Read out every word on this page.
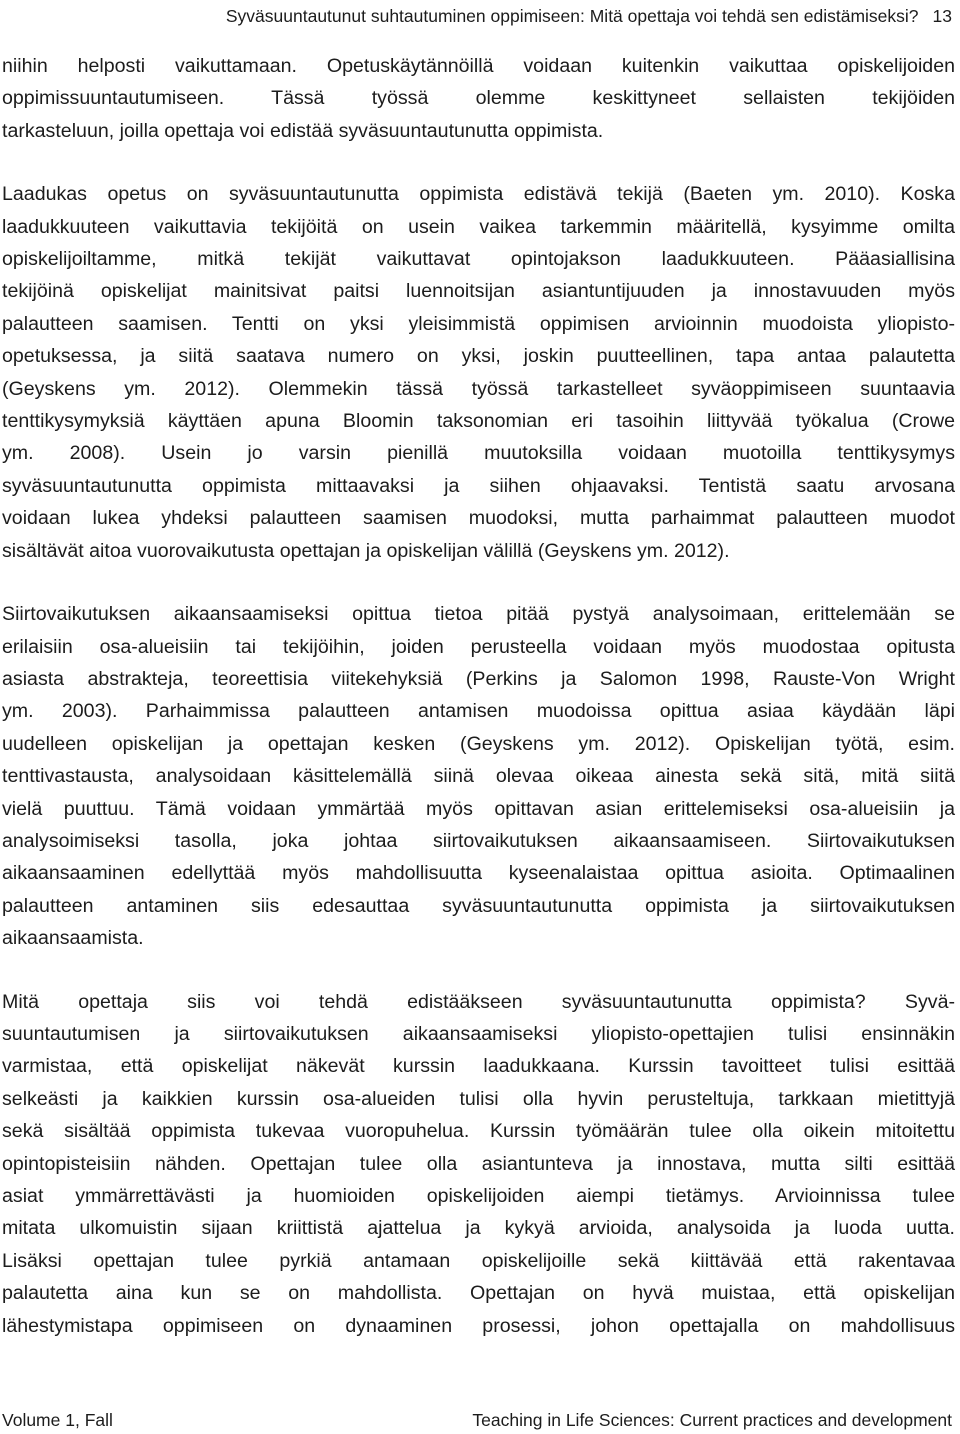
Syväsuuntautunut suhtautuminen oppimiseen: Mitä opettaja voi tehdä sen edistämiseksi? 13

niihin helposti vaikuttamaan. Opetuskäytännöillä voidaan kuitenkin vaikuttaa opiskelijoiden
oppimissuuntautumiseen. Tässä työssä olemme keskittyneet sellaisten tekijöiden
tarkasteluun, joilla opettaja voi edistää syväsuuntautunutta oppimista.

Laadukas opetus on syväsuuntautunutta oppimista edistävä tekijä (Baeten ym. 2010). Koska
laadukkuuteen vaikuttavia tekijöitä on usein vaikea tarkemmin määritellä, kysyimme omilta
opiskelijoiltamme, mitkä tekijät vaikuttavat opintojakson laadukkuuteen. Pääasiallisina
tekijöinä opiskelijat mainitsivat paitsi luennoitsijan asiantuntijuuden ja innostavuuden myös
palautteen saamisen. Tentti on yksi yleisimmistä oppimisen arvioinnin muodoista yliopisto-
opetuksessa, ja siitä saatava numero on yksi, joskin puutteellinen, tapa antaa palautetta
(Geyskens ym. 2012). Olemmekin tässä työssä tarkastelleet syväoppimiseen suuntaavia
tenttikysymyksiä käyttäen apuna Bloomin taksonomian eri tasoihin liittyvää työkalua (Crowe
ym. 2008). Usein jo varsin pienillä muutoksilla voidaan muotoilla tenttikysymys
syväsuuntautunutta oppimista mittaavaksi ja siihen ohjaavaksi. Tentistä saatu arvosana
voidaan lukea yhdeksi palautteen saamisen muodoksi, mutta parhaimmat palautteen muodot
sisältävät aitoa vuorovaikutusta opettajan ja opiskelijan välillä (Geyskens ym. 2012).

Siirtovaikutuksen aikaansaamiseksi opittua tietoa pitää pystyä analysoimaan, erittelemään se
erilaisiin osa-alueisiin tai tekijöihin, joiden perusteella voidaan myös muodostaa opitusta
asiasta abstrakteja, teoreettisia viitekehyksiä (Perkins ja Salomon 1998, Rauste-Von Wright
ym. 2003). Parhaimmissa palautteen antamisen muodoissa opittua asiaa käydään läpi
uudelleen opiskelijan ja opettajan kesken (Geyskens ym. 2012). Opiskelijan työtä, esim.
tenttivastausta, analysoidaan käsittelemällä siinä olevaa oikeaa ainesta sekä sitä, mitä siitä
vielä puuttuu. Tämä voidaan ymmärtää myös opittavan asian erittelemiseksi osa-alueisiin ja
analysoimiseksi tasolla, joka johtaa siirtovaikutuksen aikaansaamiseen. Siirtovaikutuksen
aikaansaaminen edellyttää myös mahdollisuutta kyseenalaistaa opittua asioita. Optimaalinen
palautteen antaminen siis edesauttaa syväsuuntautunutta oppimista ja siirtovaikutuksen
aikaansaamista.

Mitä opettaja siis voi tehdä edistääkseen syväsuuntautunutta oppimista? Syvä-
suuntautumisen ja siirtovaikutuksen aikaansaamiseksi yliopisto-opettajien tulisi ensinnäkin
varmistaa, että opiskelijat näkevät kurssin laadukkaana. Kurssin tavoitteet tulisi esittää
selkeästi ja kaikkien kurssin osa-alueiden tulisi olla hyvin perusteltuja, tarkkaan mietittyjä
sekä sisältää oppimista tukevaa vuoropuhelua. Kurssin työmäärän tulee olla oikein mitoitettu
opintopisteisiin nähden. Opettajan tulee olla asiantunteva ja innostava, mutta silti esittää
asiat ymmärrettävästi ja huomioiden opiskelijoiden aiempi tietämys. Arvioinnissa tulee
mitata ulkomuistin sijaan kriittistä ajattelua ja kykyä arvioida, analysoida ja luoda uutta.
Lisäksi opettajan tulee pyrkiä antamaan opiskelijoille sekä kiittävää että rakentavaa
palautetta aina kun se on mahdollista. Opettajan on hyvä muistaa, että opiskelijan
lähestymistapa oppimiseen on dynaaminen prosessi, johon opettajalla on mahdollisuus

Volume 1, Fall	Teaching in Life Sciences: Current practices and development
